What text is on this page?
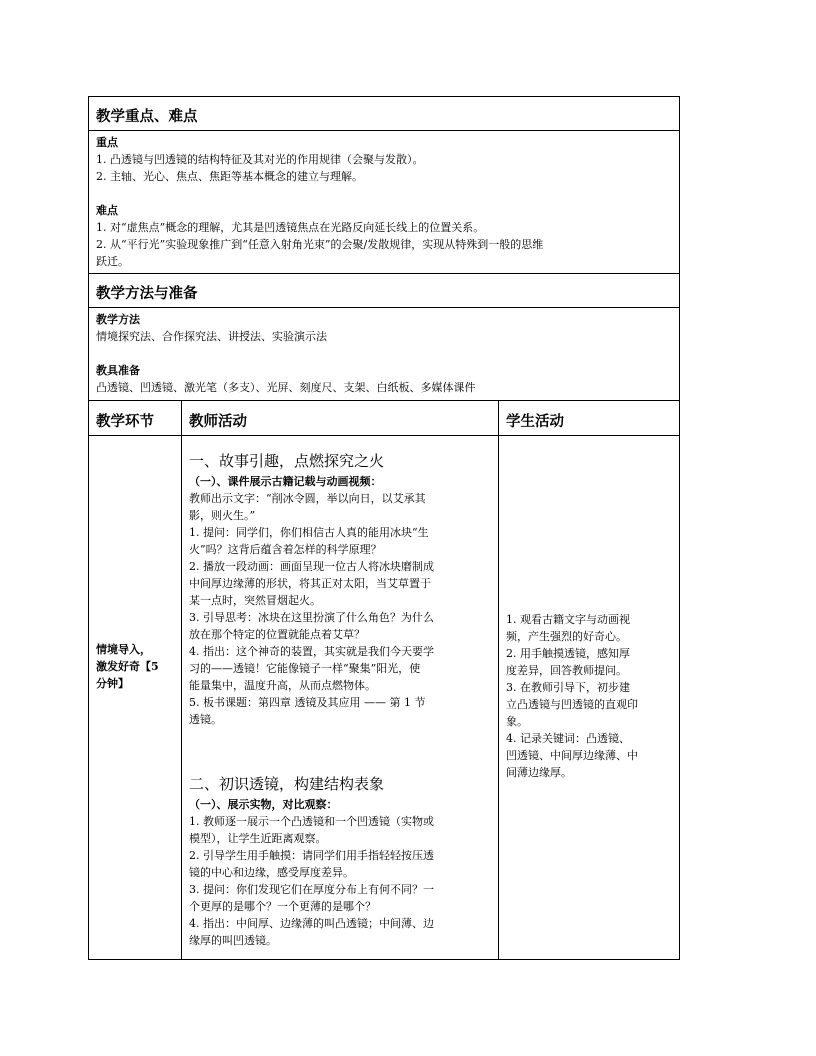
教学重点、难点
重点
1. 凸透镜与凹透镜的结构特征及其对光的作用规律（会聚与发散）。
2. 主轴、光心、焦点、焦距等基本概念的建立与理解。
难点
1. 对“虚焦点”概念的理解，尤其是凹透镜焦点在光路反向延长线上的位置关系。
2. 从“平行光”实验现象推广到“任意入射角光束”的会聚/发散规律，实现从特殊到一般的思维
跃迁。
教学方法与准备
教学方法
情境探究法、合作探究法、讲授法、实验演示法
教具准备
凸透镜、凹透镜、激光笔（多支）、光屏、刻度尺、支架、白纸板、多媒体课件
教学环节	教师活动	学生活动
情境导入，
激发好奇【5
分钟】
一、故事引趣，点燃探究之火
（一）、课件展示古籍记载与动画视频：
教师出示文字：“削冰令圆，举以向日，以艾承其
影，则火生。”
1. 提问：同学们，你们相信古人真的能用冰块“生
火”吗？这背后蕴含着怎样的科学原理？
2. 播放一段动画：画面呈现一位古人将冰块磨制成
中间厚边缘薄的形状，将其正对太阳，当艾草置于
某一点时，突然冒烟起火。
3. 引导思考：冰块在这里扮演了什么角色？为什么
放在那个特定的位置就能点着艾草？
4. 指出：这个神奇的装置，其实就是我们今天要学
习的——透镜！它能像镜子一样“聚集”阳光，使
能量集中，温度升高，从而点燃物体。
5. 板书课题：第四章 透镜及其应用 —— 第 1 节
透镜。
二、初识透镜，构建结构表象
（一）、展示实物，对比观察：
1. 教师逐一展示一个凸透镜和一个凹透镜（实物或
模型），让学生近距离观察。
2. 引导学生用手触摸：请同学们用手指轻轻按压透
镜的中心和边缘，感受厚度差异。
3. 提问：你们发现它们在厚度分布上有何不同？一
个更厚的是哪个？一个更薄的是哪个？
4. 指出：中间厚、边缘薄的叫凸透镜；中间薄、边
缘厚的叫凹透镜。
1. 观看古籍文字与动画视
频，产生强烈的好奇心。
2. 用手触摸透镜，感知厚
度差异，回答教师提问。
3. 在教师引导下，初步建
立凸透镜与凹透镜的直观印
象。
4. 记录关键词：凸透镜、
凹透镜、中间厚边缘薄、中
间薄边缘厚。
